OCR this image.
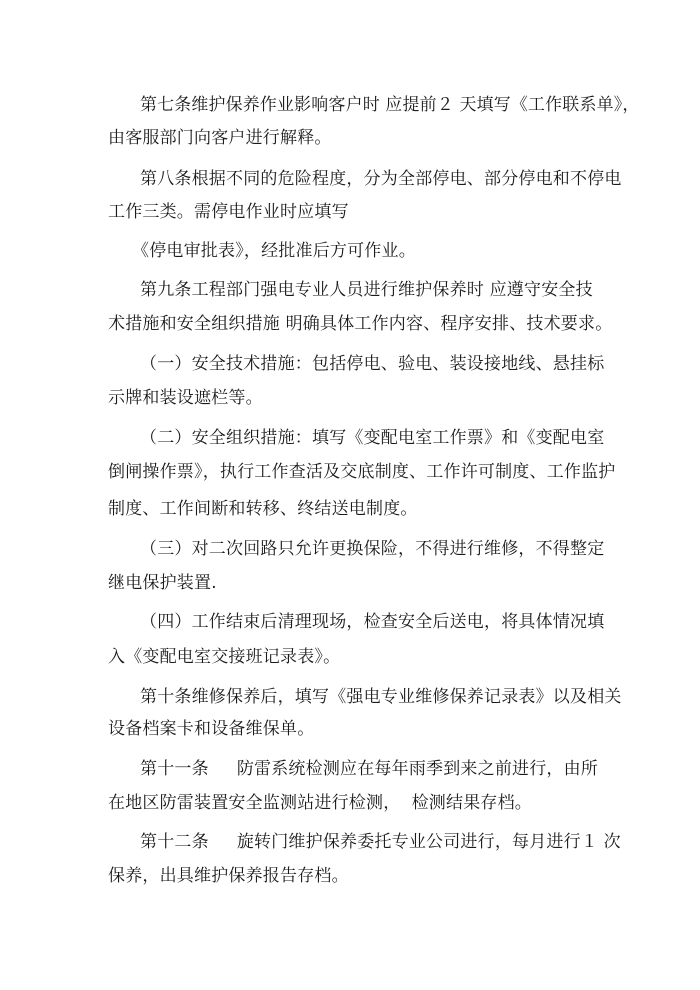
第七条维护保养作业影响客户时 应提前２ 天填写《工作联系单》，
由客服部门向客户进行解释。
第八条根据不同的危险程度，分为全部停电、部分停电和不停电
工作三类。需停电作业时应填写
《停电审批表》，经批准后方可作业。
第九条工程部门强电专业人员进行维护保养时 应遵守安全技
术措施和安全组织措施 明确具体工作内容、程序安排、技术要求。
（一）安全技术措施：包括停电、验电、装设接地线、悬挂标
示牌和装设遮栏等。
（二）安全组织措施：填写《变配电室工作票》和《变配电室
倒闸操作票》，执行工作查活及交底制度、工作许可制度、工作监护
制度、工作间断和转移、终结送电制度。
（三）对二次回路只允许更换保险，不得进行维修，不得整定
继电保护装置.
（四）工作结束后清理现场，检查安全后送电，将具体情况填
入《变配电室交接班记录表》。
第十条维修保养后，填写《强电专业维修保养记录表》以及相关
设备档案卡和设备维保单。
第十一条     防雷系统检测应在每年雨季到来之前进行，由所
在地区防雷装置安全监测站进行检测，  检测结果存档。
第十二条     旋转门维护保养委托专业公司进行，每月进行１ 次
保养，出具维护保养报告存档。
